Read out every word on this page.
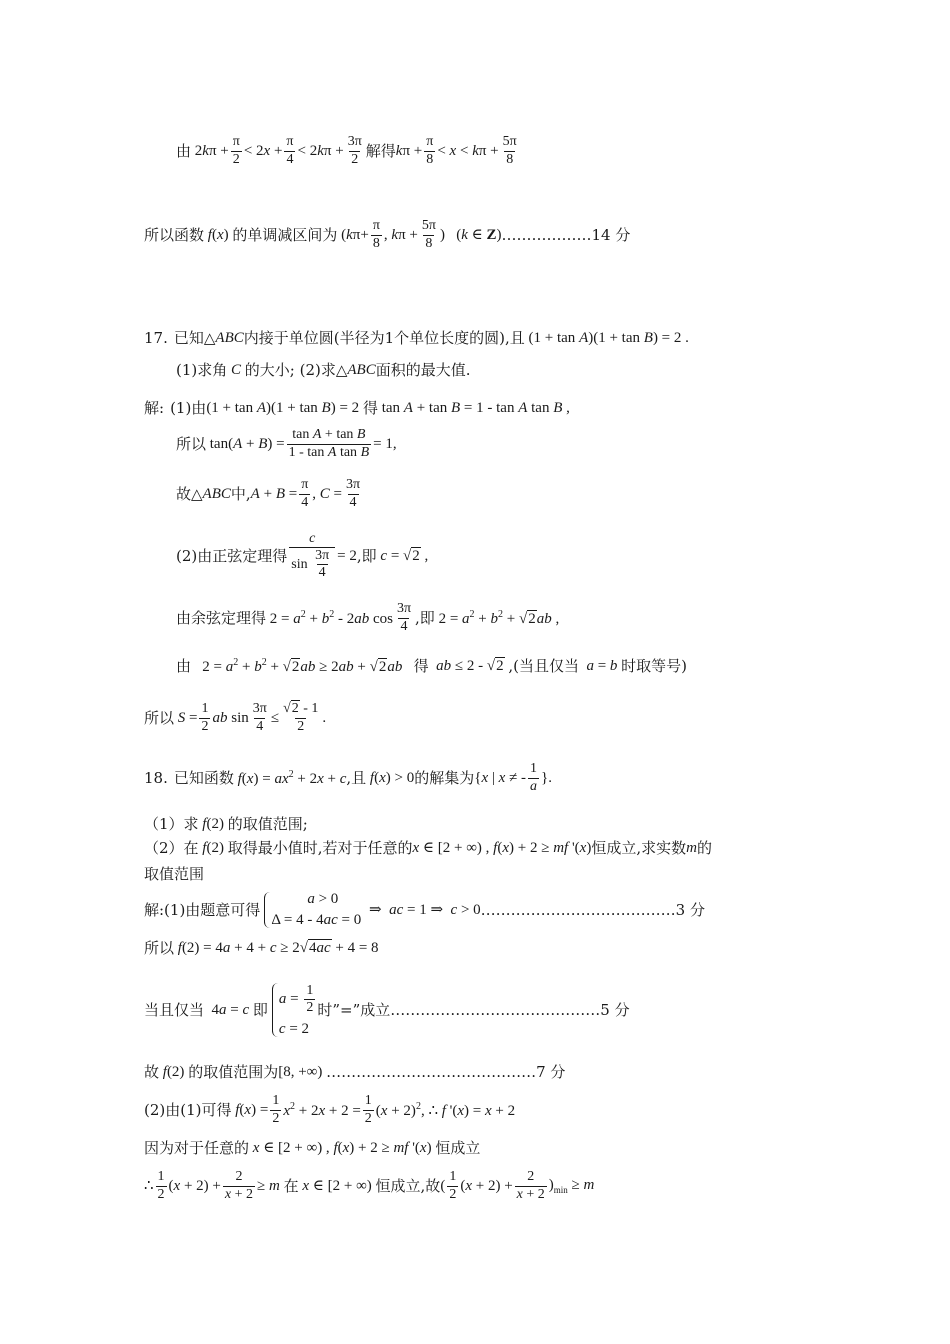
由 $2k\pi + \frac{\pi}{2} < 2x + \frac{\pi}{4} < 2k\pi + \frac{3\pi}{2}$ 解得 $k\pi + \frac{\pi}{8} < x < k\pi + \frac{5\pi}{8}$
所以函数 f(x) 的单调减区间为 ($k\pi+ \frac{\pi}{8}$ , $k\pi + \frac{5\pi}{8}$ )   (k ∈ Z) ………………14 分
17. 已知△ ABC 内接于单位圆(半径为1个单位长度的圆),且 (1 + tan A)(1 + tan B) = 2 .
(1)求角 C 的大小; (2)求△ ABC 面积的最大值.
解: (1)由 (1 + tan A)(1 + tan B) = 2 得 tan A + tan B = 1 - tan A tan B ,
所以 $\tan(A + B) = \frac{\text{tan A + tan B}}{\text{1 - tan A tan B}} = 1$,
故△ ABC 中, $A + B = \frac{\pi}{4}$ , $C = \frac{3\pi}{4}$
(2)由正弦定理得 $\frac{c}{\sin \frac{3\pi}{4}} = 2$ ,即 c = √2 ,
由余弦定理得 $2 = a^2 + b^2 - 2ab$ $\cos \frac{3\pi}{4}$ ,即 $2 = a^2 + b^2 + √2ab$ ,
由 $2 = a^2 + b^2 + √2ab \ge 2ab + √2ab$ 得 ab ≤ 2 - √2 ,(当且仅当 a = b 时取等号)
所以 $S = \frac{1}{2}$ ab $\sin \frac{3\pi}{4} \le \frac{√2 - 1}{2}$ .
18. 已知函数 $f(x) = ax^2 + 2x + c$ ,且 f(x) > 0 的解集为 {x | x ≠ - $\frac{1}{a}$ }.
（1）求 f(2) 的取值范围;
（2）在 f(2) 取得最小值时,若对于任意的 x ∈ [2 + ∞) , f(x) + 2 ≥ mf '(x) 恒成立,求实数 m 的
取值范围
解:(1)由题意可得
a > 0
Δ = 4 - 4ac = 0
⇒  ac = 1 ⇒  c > 0 …………………………………3 分
所以 f(2) = 4a + 4 + c ≥ 2√4ac + 4 = 8
当且仅当 4a = c 即
$a = \frac{1}{2}$
c = 2
时”=”成立 ……………………………………5 分
故 f(2) 的取值范围为 [8, +∞) ……………………………………7 分
(2)由(1)可得 $f(x) = \frac{1}{2} x^2 + 2x + 2 = \frac{1}{2} (x + 2)^2$, ∴ f '(x) = x + 2
因为对于任意的 x ∈ [2 + ∞) , f(x) + 2 ≥ mf '(x) 恒成立
∴ $\frac{1}{2} (x + 2) + \frac{2}{x + 2} \ge m$ 在 x ∈ [2 + ∞) 恒成立,故 ( $\frac{1}{2} (x + 2) + \frac{2}{x + 2} )_{min} \ge m$
